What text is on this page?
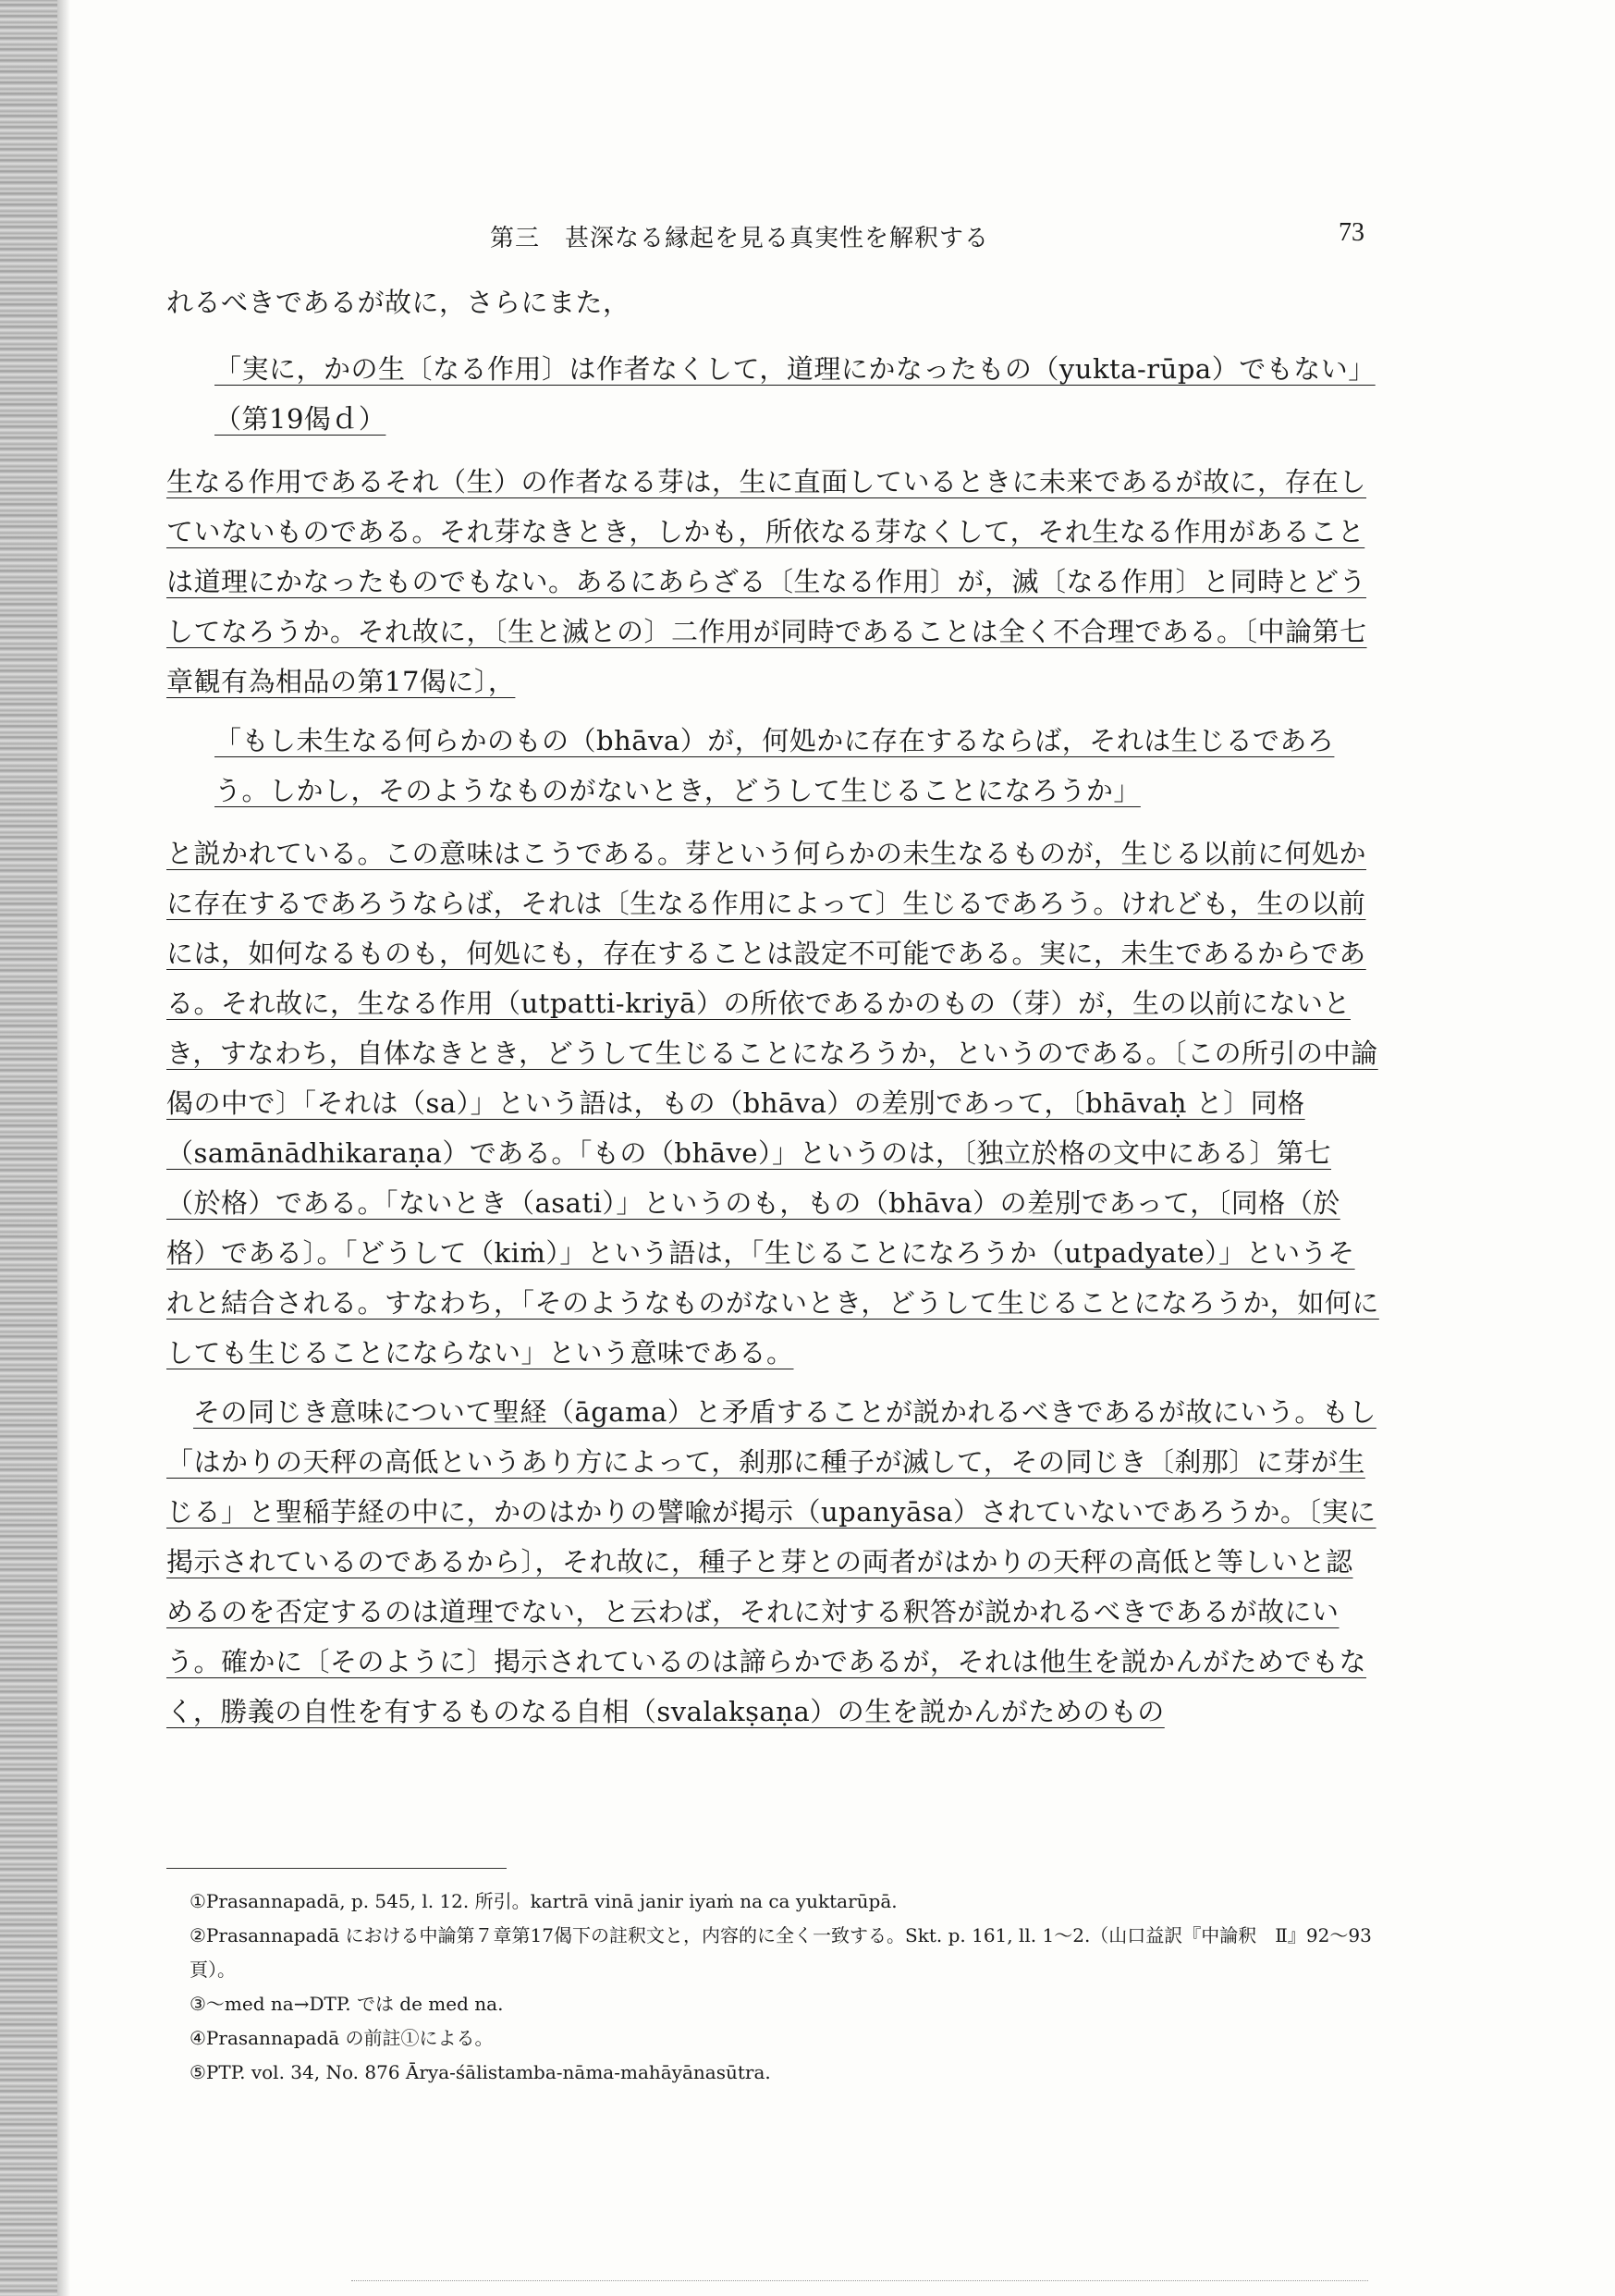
第三　甚深なる縁起を見る真実性を解釈する	73

れるべきであるが故に，さらにまた，

「実に，かの生〔なる作用〕は作者なくして，道理にかなったもの（yukta-rūpa）でもない」（第19偈ｄ）

生なる作用であるそれ（生）の作者なる芽は，生に直面しているときに未来であるが故に，存在していないものである。それ芽なきとき，しかも，所依なる芽なくして，それ生なる作用があることは道理にかなったものでもない。あるにあらざる〔生なる作用〕が，滅〔なる作用〕と同時とどうしてなろうか。それ故に，〔生と滅との〕二作用が同時であることは全く不合理である。〔中論第七章観有為相品の第17偈に〕，

「もし未生なる何らかのもの（bhāva）が，何処かに存在するならば，それは生じるであろう。しかし，そのようなものがないとき，どうして生じることになろうか」

と説かれている。この意味はこうである。芽という何らかの未生なるものが，生じる以前に何処かに存在するであろうならば，それは〔生なる作用によって〕生じるであろう。けれども，生の以前には，如何なるものも，何処にも，存在することは設定不可能である。実に，未生であるからである。それ故に，生なる作用（utpatti-kriyā）の所依であるかのもの（芽）が，生の以前にないとき，すなわち，自体なきとき，どうして生じることになろうか，というのである。〔この所引の中論偈の中で〕「それは（sa）」という語は，もの（bhāva）の差別であって，〔bhāvaḥ と〕同格（samānādhikaraṇa）である。「もの（bhāve）」というのは，〔独立於格の文中にある〕第七（於格）である。「ないとき（asati）」というのも，もの（bhāva）の差別であって，〔同格（於格）である〕。「どうして（kiṁ）」という語は，「生じることになろうか（utpadyate）」というそれと結合される。すなわち，「そのようなものがないとき，どうして生じることになろうか，如何にしても生じることにならない」という意味である。

その同じき意味について聖経（āgama）と矛盾することが説かれるべきであるが故にいう。もし「はかりの天秤の高低というあり方によって，刹那に種子が滅して，その同じき〔刹那〕に芽が生じる」と聖稲芋経の中に，かのはかりの譬喩が掲示（upanyāsa）されていないであろうか。〔実に掲示されているのであるから〕，それ故に，種子と芽との両者がはかりの天秤の高低と等しいと認めるのを否定するのは道理でない，と云わば，それに対する釈答が説かれるべきであるが故にいう。確かに〔そのように〕掲示されているのは諦らかであるが，それは他生を説かんがためでもなく，勝義の自性を有するものなる自相（svalakṣaṇa）の生を説かんがためのもの

①Prasannapadā, p. 545, l. 12. 所引。kartrā vinā janir iyaṁ na ca yuktarūpā.
②Prasannapadā における中論第７章第17偈下の註釈文と，内容的に全く一致する。Skt. p. 161, ll. 1〜2.（山口益訳『中論釈　Ⅱ』92〜93頁）。
③〜med na→DTP. では de med na.
④Prasannapadā の前註①による。
⑤PTP. vol. 34, No. 876 Ārya-śālistamba-nāma-mahāyānasūtra.
